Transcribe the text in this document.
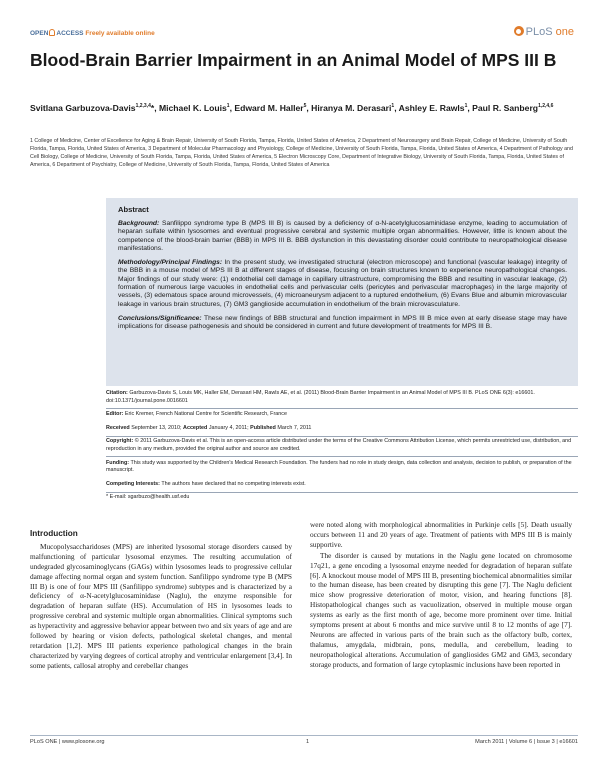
OPEN ACCESS Freely available online	PLoS one
Blood-Brain Barrier Impairment in an Animal Model of MPS III B
Svitlana Garbuzova-Davis$^{1,2,3,4}$*, Michael K. Louis$^1$, Edward M. Haller$^5$, Hiranya M. Derasari$^1$, Ashley E. Rawls$^1$, Paul R. Sanberg$^{1,2,4,6}$
1 College of Medicine, Center of Excellence for Aging & Brain Repair, University of South Florida, Tampa, Florida, United States of America, 2 Department of Neurosurgery and Brain Repair, College of Medicine, University of South Florida, Tampa, Florida, United States of America, 3 Department of Molecular Pharmacology and Physiology, College of Medicine, University of South Florida, Tampa, Florida, United States of America, 4 Department of Pathology and Cell Biology, College of Medicine, University of South Florida, Tampa, Florida, United States of America, 5 Electron Microscopy Core, Department of Integrative Biology, University of South Florida, Tampa, Florida, United States of America, 6 Department of Psychiatry, College of Medicine, University of South Florida, Tampa, Florida, United States of America
Abstract

Background: Sanfilippo syndrome type B (MPS III B) is caused by a deficiency of α-N-acetylglucosaminidase enzyme, leading to accumulation of heparan sulfate within lysosomes and eventual progressive cerebral and systemic multiple organ abnormalities. However, little is known about the competence of the blood-brain barrier (BBB) in MPS III B. BBB dysfunction in this devastating disorder could contribute to neuropathological disease manifestations.

Methodology/Principal Findings: In the present study, we investigated structural (electron microscope) and functional (vascular leakage) integrity of the BBB in a mouse model of MPS III B at different stages of disease, focusing on brain structures known to experience neuropathological changes. Major findings of our study were: (1) endothelial cell damage in capillary ultrastructure, compromising the BBB and resulting in vascular leakage, (2) formation of numerous large vacuoles in endothelial cells and perivascular cells (pericytes and perivascular macrophages) in the large majority of vessels, (3) edematous space around microvessels, (4) microaneurysm adjacent to a ruptured endothelium, (6) Evans Blue and albumin microvascular leakage in various brain structures, (7) GM3 ganglioside accumulation in endothelium of the brain microvasculature.

Conclusions/Significance: These new findings of BBB structural and function impairment in MPS III B mice even at early disease stage may have implications for disease pathogenesis and should be considered in current and future development of treatments for MPS III B.

Citation: Garbuzova-Davis S, Louis MK, Haller EM, Derasari HM, Rawls AE, et al. (2011) Blood-Brain Barrier Impairment in an Animal Model of MPS III B. PLoS ONE 6(3): e16601. doi:10.1371/journal.pone.0016601
Editor: Eric Kremer, French National Centre for Scientific Research, France
Received September 13, 2010; Accepted January 4, 2011; Published March 7, 2011
Copyright: © 2011 Garbuzova-Davis et al. This is an open-access article distributed under the terms of the Creative Commons Attribution License, which permits unrestricted use, distribution, and reproduction in any medium, provided the original author and source are credited.
Funding: This study was supported by the Children's Medical Research Foundation. The funders had no role in study design, data collection and analysis, decision to publish, or preparation of the manuscript.
Competing Interests: The authors have declared that no competing interests exist.
* E-mail: sgarbuzo@health.usf.edu
Introduction

Mucopolysaccharidoses (MPS) are inherited lysosomal storage disorders caused by malfunctioning of particular lysosomal enzymes. The resulting accumulation of undegraded glycosaminoglycans (GAGs) within lysosomes leads to progressive cellular damage affecting normal organ and system function. Sanfilippo syndrome type B (MPS III B) is one of four MPS III (Sanfilippo syndrome) subtypes and is characterized by a deficiency of α-N-acetylglucosaminidase (Naglu), the enzyme responsible for degradation of heparan sulfate (HS). Accumulation of HS in lysosomes leads to progressive cerebral and systemic multiple organ abnormalities. Clinical symptoms such as hyperactivity and aggressive behavior appear between two and six years of age and are followed by hearing or vision defects, pathological skeletal changes, and mental retardation [1,2]. MPS III patients experience pathological changes in the brain characterized by varying degrees of cortical atrophy and ventricular enlargement [3,4]. In some patients, callosal atrophy and cerebellar changes

were noted along with morphological abnormalities in Purkinje cells [5]. Death usually occurs between 11 and 20 years of age. Treatment of patients with MPS III B is mainly supportive.

The disorder is caused by mutations in the Naglu gene located on chromosome 17q21, a gene encoding a lysosomal enzyme needed for degradation of heparan sulfate [6]. A knockout mouse model of MPS III B, presenting biochemical abnormalities similar to the human disease, has been created by disrupting this gene [7]. The Naglu deficient mice show progressive deterioration of motor, vision, and hearing functions [8]. Histopathological changes such as vacuolization, observed in multiple mouse organ systems as early as the first month of age, become more prominent over time. Initial symptoms present at about 6 months and mice survive until 8 to 12 months of age [7]. Neurons are affected in various parts of the brain such as the olfactory bulb, cortex, thalamus, amygdala, midbrain, pons, medulla, and cerebellum, leading to neuropathological alterations. Accumulation of gangliosides GM2 and GM3, secondary storage products, and formation of large cytoplasmic inclusions have been reported in

PLoS ONE | www.plosone.org	1	March 2011 | Volume 6 | Issue 3 | e16601
